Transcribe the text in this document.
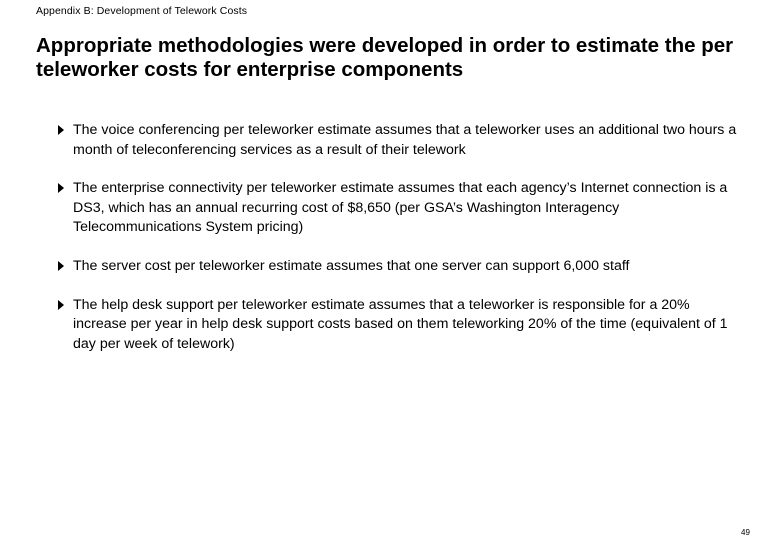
Appendix B: Development of Telework Costs
Appropriate methodologies were developed in order to estimate the per teleworker costs for enterprise components
The voice conferencing per teleworker estimate assumes that a teleworker uses an additional two hours a month of teleconferencing services as a result of their telework
The enterprise connectivity per teleworker estimate assumes that each agency’s Internet connection is a DS3, which has an annual recurring cost of $8,650 (per GSA’s Washington Interagency Telecommunications System pricing)
The server cost per teleworker estimate assumes that one server can support 6,000 staff
The help desk support per teleworker estimate assumes that a teleworker is responsible for a 20% increase per year in help desk support costs based on them teleworking 20% of the time (equivalent of 1 day per week of telework)
49
